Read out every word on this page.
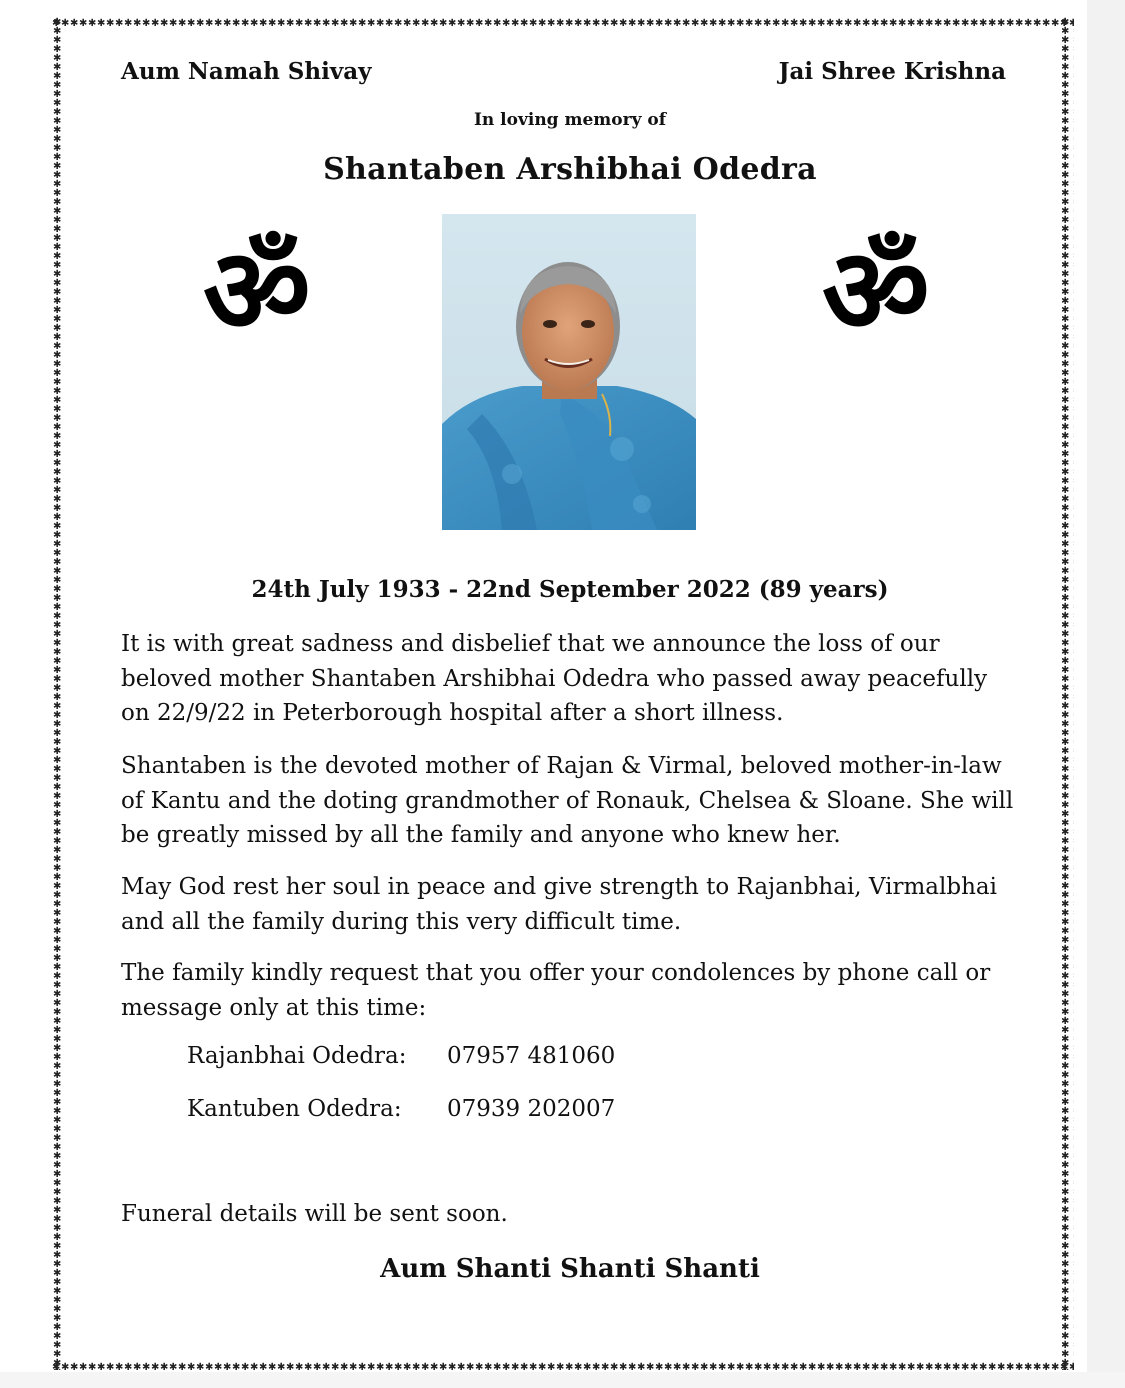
Aum Namah Shivay	Jai Shree Krishna
In loving memory of
Shantaben Arshibhai Odedra
ॐ	ॐ
24th July 1933 - 22nd September 2022 (89 years)

It is with great sadness and disbelief that we announce the loss of our beloved mother Shantaben Arshibhai Odedra who passed away peacefully on 22/9/22 in Peterborough hospital after a short illness.

Shantaben is the devoted mother of Rajan & Virmal, beloved mother-in-law of Kantu and the doting grandmother of Ronauk, Chelsea & Sloane. She will be greatly missed by all the family and anyone who knew her.

May God rest her soul in peace and give strength to Rajanbhai, Virmalbhai and all the family during this very difficult time.

The family kindly request that you offer your condolences by phone call or message only at this time:

Rajanbhai Odedra: 07957 481060
Kantuben Odedra: 07939 202007
Funeral details will be sent soon.
Aum Shanti Shanti Shanti
